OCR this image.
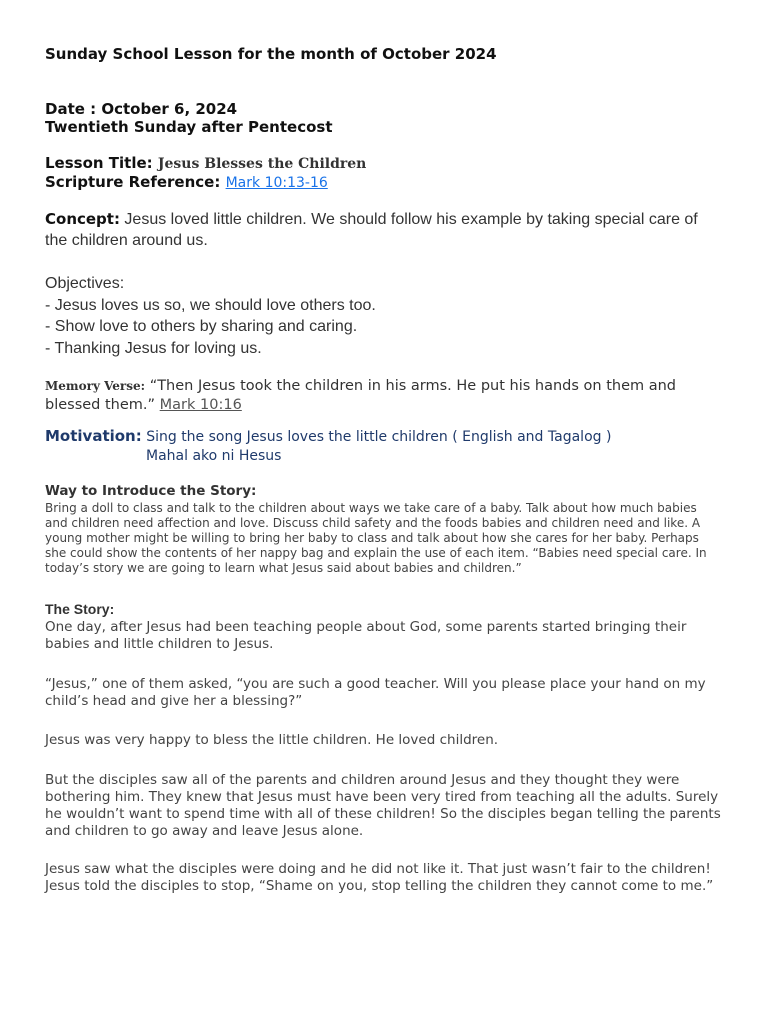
Sunday School Lesson for the month of October 2024
Date : October 6, 2024
Twentieth Sunday after Pentecost
Lesson Title: Jesus Blesses the Children
Scripture Reference: Mark 10:13-16
Concept: Jesus loved little children. We should follow his example by taking special care of the children around us.
Objectives:
- Jesus loves us so, we should love others too.
- Show love to others by sharing and caring.
- Thanking Jesus for loving us.
Memory Verse: “Then Jesus took the children in his arms. He put his hands on them and blessed them.” Mark 10:16
Motivation: Sing the song Jesus loves the little children ( English and Tagalog )
Mahal ako ni Hesus
Way to Introduce the Story:
Bring a doll to class and talk to the children about ways we take care of a baby. Talk about how much babies and children need affection and love. Discuss child safety and the foods babies and children need and like. A young mother might be willing to bring her baby to class and talk about how she cares for her baby. Perhaps she could show the contents of her nappy bag and explain the use of each item. “Babies need special care. In today’s story we are going to learn what Jesus said about babies and children.”
The Story:
One day, after Jesus had been teaching people about God, some parents started bringing their babies and little children to Jesus.
“Jesus,” one of them asked, “you are such a good teacher. Will you please place your hand on my child’s head and give her a blessing?”
Jesus was very happy to bless the little children. He loved children.
But the disciples saw all of the parents and children around Jesus and they thought they were bothering him. They knew that Jesus must have been very tired from teaching all the adults. Surely he wouldn’t want to spend time with all of these children! So the disciples began telling the parents and children to go away and leave Jesus alone.
Jesus saw what the disciples were doing and he did not like it. That just wasn’t fair to the children! Jesus told the disciples to stop, “Shame on you, stop telling the children they cannot come to me.”
